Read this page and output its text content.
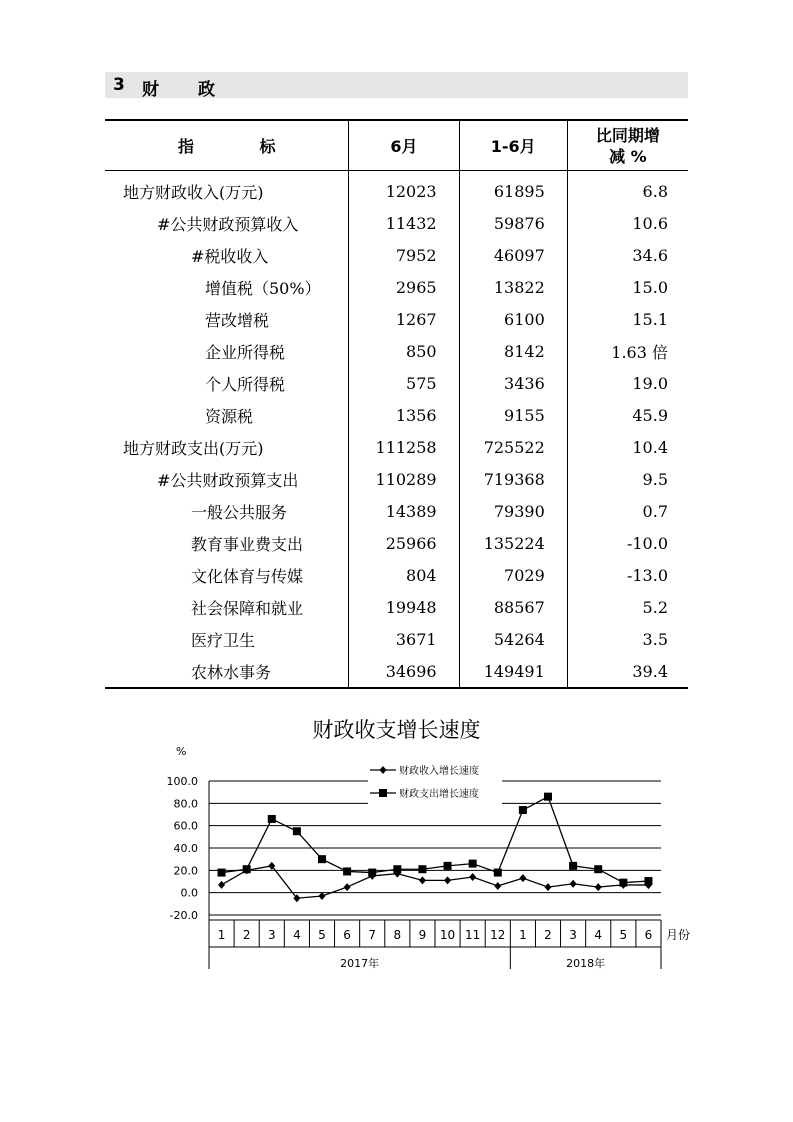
3 财 政
指 标	6月	1-6月	比同期增
减 %

地方财政收入(万元)	12023	61895	6.8
#公共财政预算收入	11432	59876	10.6
#税收收入	7952	46097	34.6
增值税（50%）	2965	13822	15.0
营改增税	1267	6100	15.1
企业所得税	850	8142	1.63 倍
个人所得税	575	3436	19.0
资源税	1356	9155	45.9
地方财政支出(万元)	111258	725522	10.4
#公共财政预算支出	110289	719368	9.5
一般公共服务	14389	79390	0.7
教育事业费支出	25966	135224	-10.0
文化体育与传媒	804	7029	-13.0
社会保障和就业	19948	88567	5.2
医疗卫生	3671	54264	3.5
农林水事务	34696	149491	39.4
财政收支增长速度
100.0
80.0
60.0
40.0
20.0
0.0
-20.0
%
1 2 3 4 5 6 7 8 9 10 11 12 1 2 3 4 5 6 月份
2017年	2018年
财政收入增长速度
财政支出增长速度
